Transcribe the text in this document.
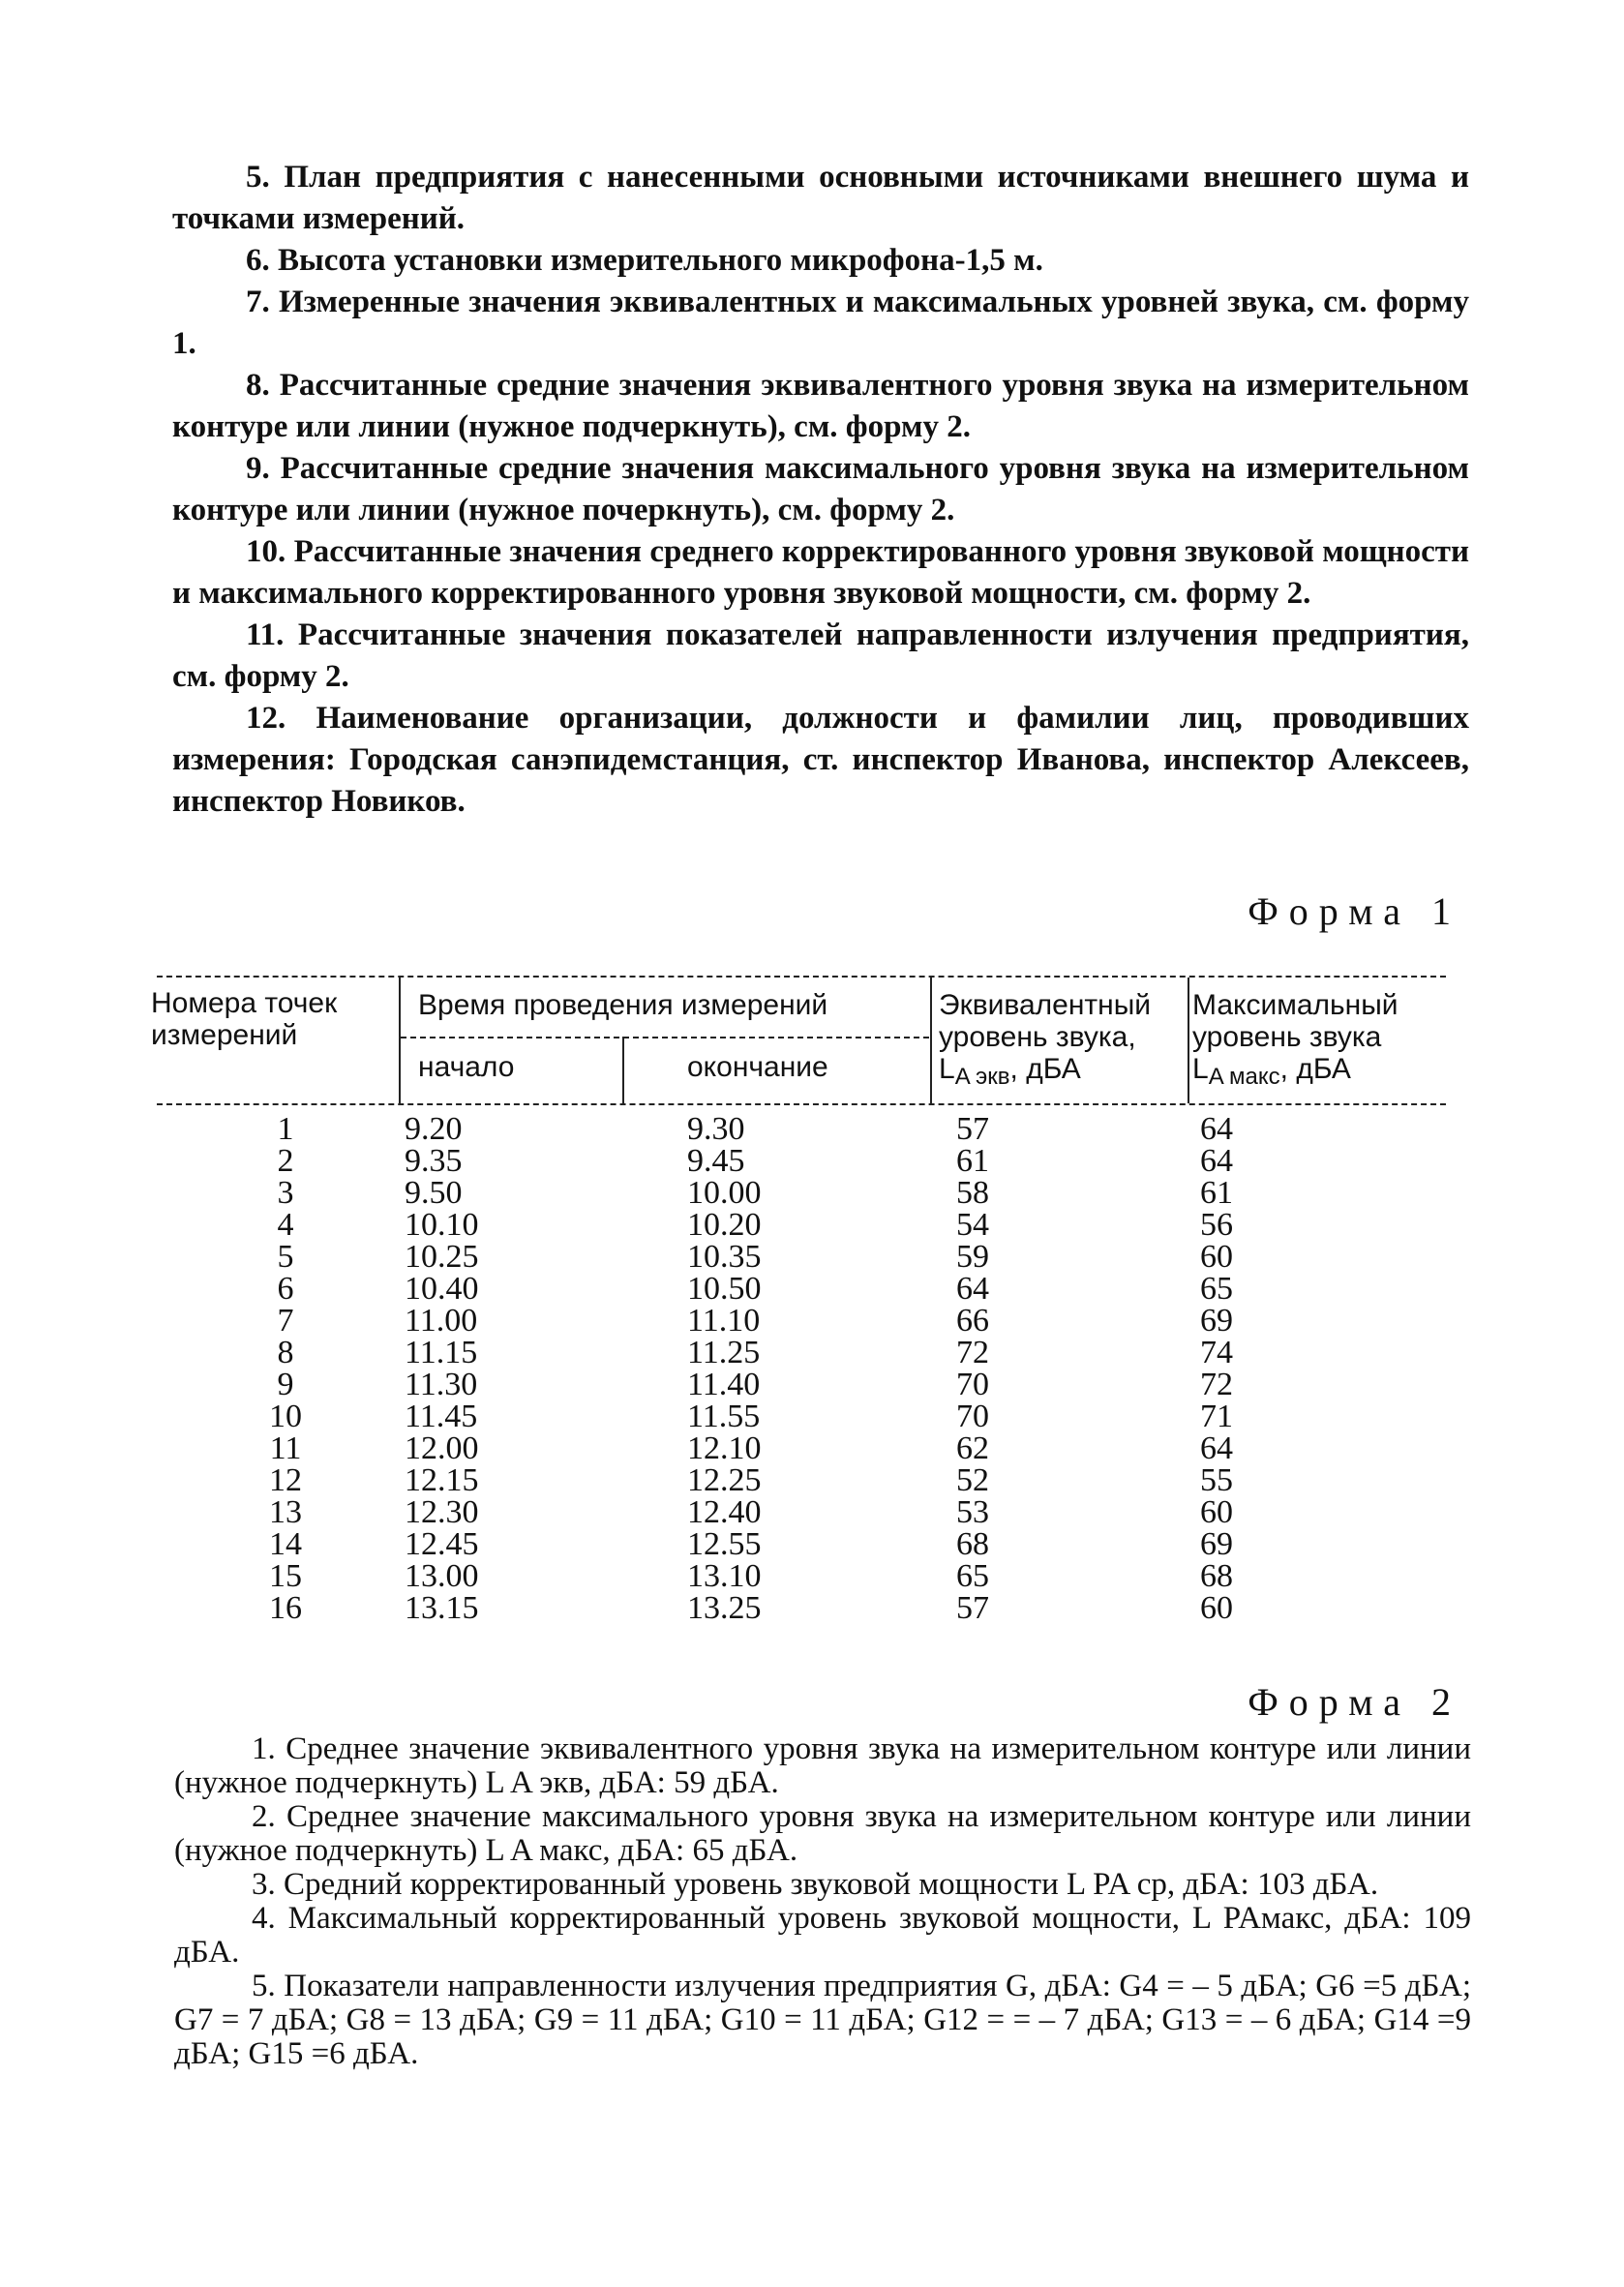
5. План предприятия с нанесенными основными источниками внешнего шума и точками измерений.

6. Высота установки измерительного микрофона-1,5 м.

7. Измеренные значения эквивалентных и максимальных уровней звука, см. форму 1.

8. Рассчитанные средние значения эквивалентного уровня звука на измерительном контуре или линии (нужное подчеркнуть), см. форму 2.

9. Рассчитанные средние значения максимального уровня звука на измерительном контуре или линии (нужное почеркнуть), см. форму 2.

10. Рассчитанные значения среднего корректированного уровня звуковой мощности и максимального корректированного уровня звуковой мощности, см. форму 2.

11. Рассчитанные значения показателей направленности излучения предприятия, см. форму 2.

12. Наименование организации, должности и фамилии лиц, проводивших измерения: Городская санэпидемстанция, ст. инспектор Иванова, инспектор Алексеев, инспектор Новиков.

Форма 1
Номера точек
измерений
Время проведения измерений
начало	окончание
Эквивалентный
уровень звука,
$L_{A экв}$, дБА
Максимальный
уровень звука
$L_{A макс}$, дБА
1
2
3
4
5
6
7
8
9
10
11
12
13
14
15
16
9.20
9.35
9.50
10.10
10.25
10.40
11.00
11.15
11.30
11.45
12.00
12.15
12.30
12.45
13.00
13.15
9.30
9.45
10.00
10.20
10.35
10.50
11.10
11.25
11.40
11.55
12.10
12.25
12.40
12.55
13.10
13.25
57
61
58
54
59
64
66
72
70
70
62
52
53
68
65
57
64
64
61
56
60
65
69
74
72
71
64
55
60
69
68
60
Форма 2

1. Среднее значение эквивалентного уровня звука на измерительном контуре или линии (нужное подчеркнуть) L A экв, дБА: 59 дБА.

2. Среднее значение максимального уровня звука на измерительном контуре или линии (нужное подчеркнуть) L A макс, дБА: 65 дБА.

3. Средний корректированный уровень звуковой мощности L PA ср, дБА: 103 дБА.

4. Максимальный корректированный уровень звуковой мощности, L PAмакс, дБА: 109 дБА.

5. Показатели направленности излучения предприятия G, дБА: G4 = – 5 дБА; G6 =5 дБА; G7 = 7 дБА; G8 = 13 дБА; G9 = 11 дБА; G10 = 11 дБА; G12 = = – 7 дБА; G13 = – 6 дБА; G14 =9 дБА; G15 =6 дБА.
